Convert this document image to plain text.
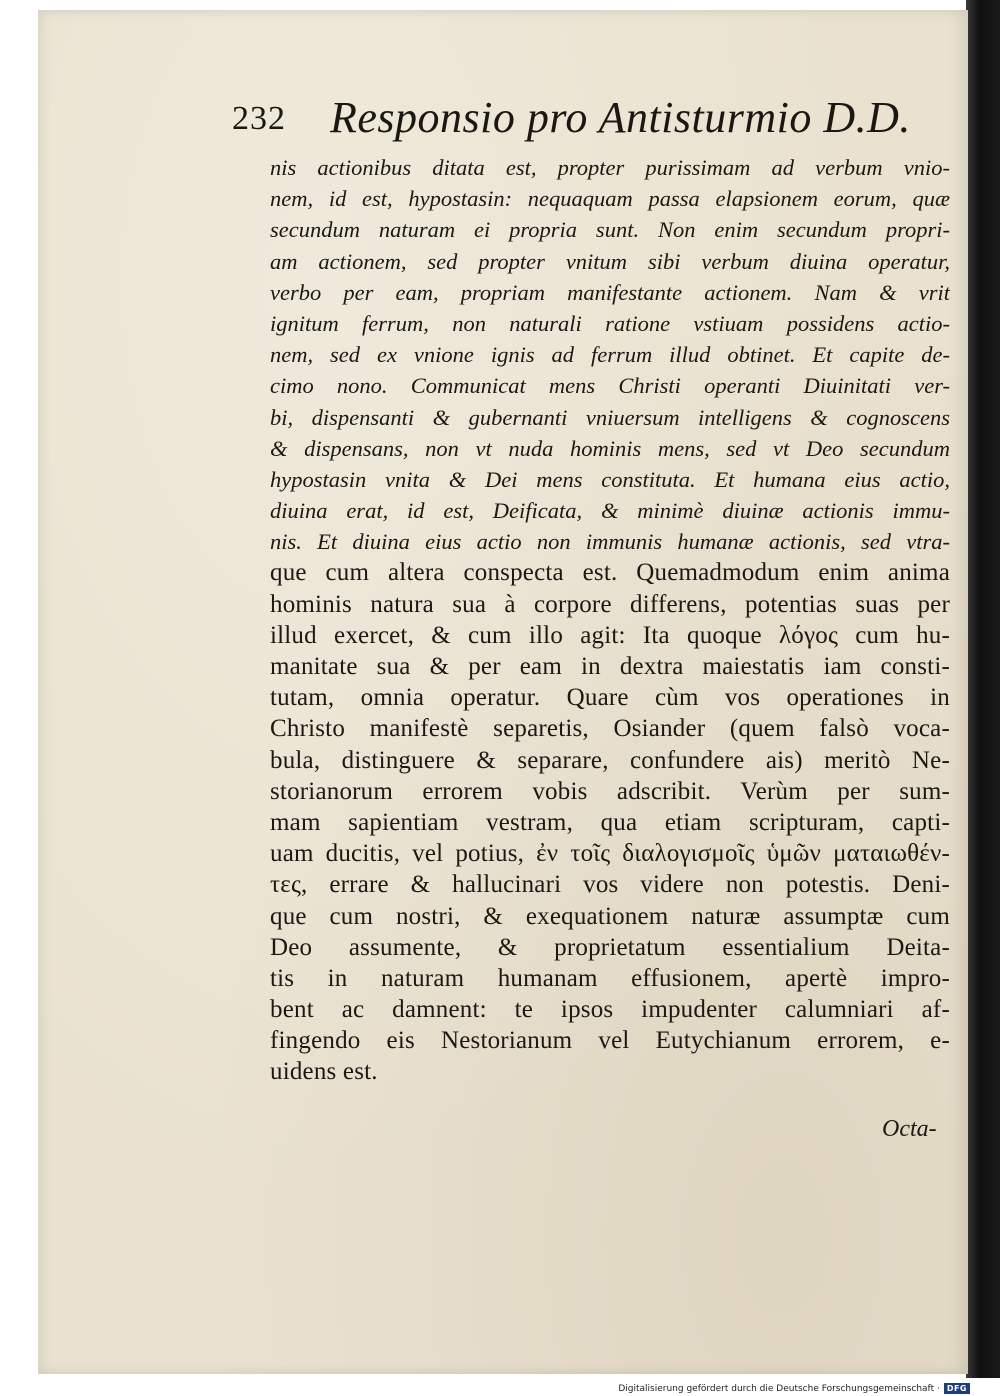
232 Responsio pro Antisturmio D.D.
nis actionibus ditata est, propter purissimam ad verbum vnio-
nem, id est, hypostasin: nequaquam passa elapsionem eorum, quæ
secundum naturam ei propria sunt. Non enim secundum propri-
am actionem, sed propter vnitum sibi verbum diuina operatur,
verbo per eam, propriam manifestante actionem. Nam & vrit
ignitum ferrum, non naturali ratione vstiuam possidens actio-
nem, sed ex vnione ignis ad ferrum illud obtinet. Et capite de-
cimo nono. Communicat mens Christi operanti Diuinitati ver-
bi, dispensanti & gubernanti vniuersum intelligens & cognoscens
& dispensans, non vt nuda hominis mens, sed vt Deo secundum
hypostasin vnita & Dei mens constituta. Et humana eius actio,
diuina erat, id est, Deificata, & minimè diuinæ actionis immu-
nis. Et diuina eius actio non immunis humanæ actionis, sed vtra-
que cum altera conspecta est. Quemadmodum enim anima
hominis natura sua à corpore differens, potentias suas per
illud exercet, & cum illo agit: Ita quoque λόγος cum hu-
manitate sua & per eam in dextra maiestatis iam consti-
tutam, omnia operatur. Quare cùm vos operationes in
Christo manifestè separetis, Osiander (quem falsò voca-
bula, distinguere & separare, confundere ais) meritò Ne-
storianorum errorem vobis adscribit. Verùm per sum-
mam sapientiam vestram, qua etiam scripturam, capti-
uam ducitis, vel potius, ἐν τοῖς διαλογισμοῖς ὑμῶν ματαιωθέν-
τες, errare & hallucinari vos videre non potestis. Deni-
que cum nostri, & exequationem naturæ assumptæ cum
Deo assumente, & proprietatum essentialium Deita-
tis in naturam humanam effusionem, apertè impro-
bent ac damnent: te ipsos impudenter calumniari af-
fingendo eis Nestorianum vel Eutychianum errorem, e-
uidens est.
Octa-
Digitalisierung gefördert durch die Deutsche Forschungsgemeinschaft · DFG
